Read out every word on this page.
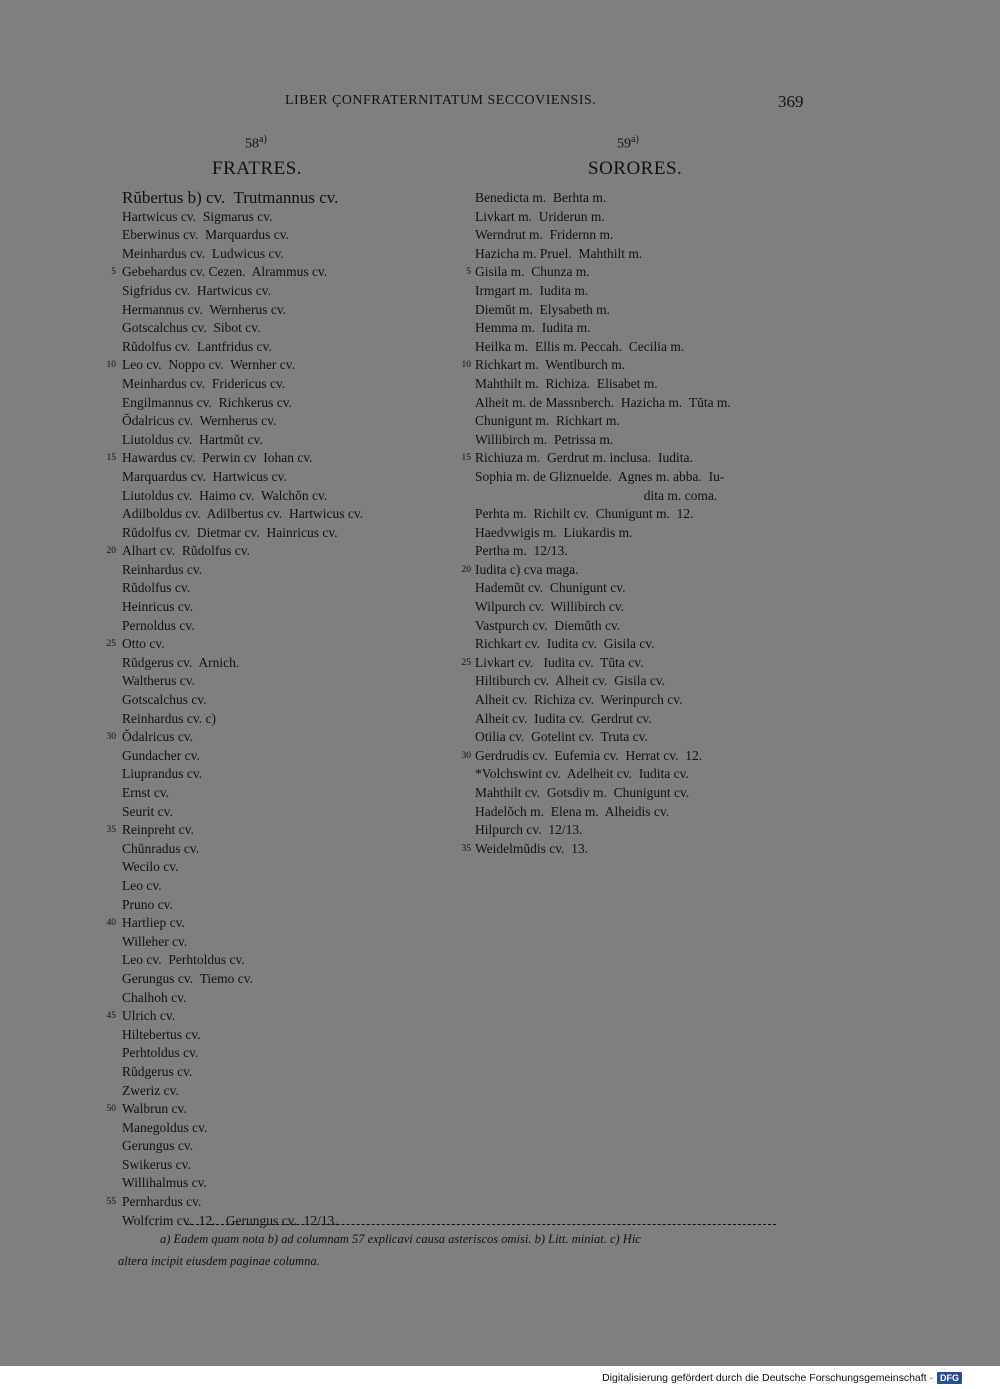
LIBER ÇONFRATERNITATUM SECCOVIENSIS.	369
58$^{a)}$
FRATRES.
59$^{a)}$
SORORES.
Rŭbertus b) cv.  Trutmannus cv.
Hartwicus cv.  Sigmarus cv.
Eberwinus cv.  Marquardus cv.
Meinhardus cv.  Ludwicus cv.
5 Gebehardus cv. Cezen.  Alrammus cv.
Sigfridus cv.  Hartwicus cv.
Hermannus cv.  Wernherus cv.
Gotscalchus cv.  Sibot cv.
Rŭdolfus cv.  Lantfridus cv.
10 Leo cv.  Noppo cv.  Wernher cv.
Meinhardus cv.  Fridericus cv.
Engilmannus cv.  Richkerus cv.
Ŏdalricus cv.  Wernherus cv.
Liutoldus cv.  Hartmŭt cv.
15 Hawardus cv.  Perwin cv  Iohan cv.
Marquardus cv.  Hartwicus cv.
Liutoldus cv.  Haimo cv.  Walchŏn cv.
Adilboldus cv.  Adilbertus cv.  Hartwicus cv.
Rŭdolfus cv.  Dietmar cv.  Hainricus cv.
20 Alhart cv.  Rŭdolfus cv.
Reinhardus cv.
Rŭdolfus cv.
Heinricus cv.
Pernoldus cv.
25 Otto cv.
Rŭdgerus cv.  Arnich.
Waltherus cv.
Gotscalchus cv.
Reinhardus cv. c)
30 Ŏdalricus cv.
Gundacher cv.
Liuprandus cv.
Ernst cv.
Seurit cv.
35 Reinpreht cv.
Chŭnradus cv.
Wecilo cv.
Leo cv.
Pruno cv.
40 Hartliep cv.
Willeher cv.
Leo cv.  Perhtoldus cv.
Gerungus cv.  Tiemo cv.
Chalhoh cv.
45 Ulrich cv.
Hiltebertus cv.
Perhtoldus cv.
Rŭdgerus cv.
Zweriz cv.
50 Walbrun cv.
Manegoldus cv.
Gerungus cv.
Swikerus cv.
Willihalmus cv.
55 Pernhardus cv.
Wolfcrim cv.  12.   Gerungus cv.  12/13.
Benedicta m.  Berhta m.
Livkart m.  Uriderun m.
Werndrut m.  Fridernn m.
Hazicha m. Pruel.  Mahthilt m.
5 Gisila m.  Chunza m.
Irmgart m.  Iudita m.
Diemŭt m.  Elysabeth m.
Hemma m.  Iudita m.
Heilka m.  Ellis m. Peccah.  Cecilia m.
10 Richkart m.  Wentlburch m.
Mahthilt m.  Richiza.  Elisabet m.
Alheit m. de Massnberch.  Hazicha m.  Tŭta m.
Chunigunt m.  Richkart m.
Willibirch m.  Petrissa m.
15 Richiuza m.  Gerdrut m. inclusa.  Iudita.
Sophia m. de Gliznuelde.  Agnes m. abba.  Iu-
dita m. coma.
Perhta m.  Richilt cv.  Chunigunt m.  12.
Haedvwigis m.  Liukardis m.
Pertha m.  12/13.
20 Iudita c) cva maga.
Hademŭt cv.  Chunigunt cv.
Wilpurch cv.  Willibirch cv.
Vastpurch cv.  Diemŭth cv.
Richkart cv.  Iudita cv.  Gisila cv.
25 Livkart cv.   Iudita cv.  Tŭta cv.
Hiltiburch cv.  Alheit cv.  Gisila cv.
Alheit cv.  Richiza cv.  Werinpurch cv.
Alheit cv.  Iudita cv.  Gerdrut cv.
Otilia cv.  Gotelint cv.  Truta cv.
30 Gerdrudis cv.  Eufemia cv.  Herrat cv.  12.
*Volchswint cv.  Adelheit cv.  Iudita cv.
Mahthilt cv.  Gotsdiv m.  Chunigunt cv.
Hadelŏch m.  Elena m.  Alheidis cv.
Hilpurch cv.  12/13.
35 Weidelmŭdis cv.  13.
a) Eadem quam nota b) ad columnam 57 explicavi causa asteriscos omisi. b) Litt. miniat. c) Hic
altera incipit eiusdem paginae columna.
Digitalisierung gefördert durch die Deutsche Forschungsgemeinschaft · DFG
